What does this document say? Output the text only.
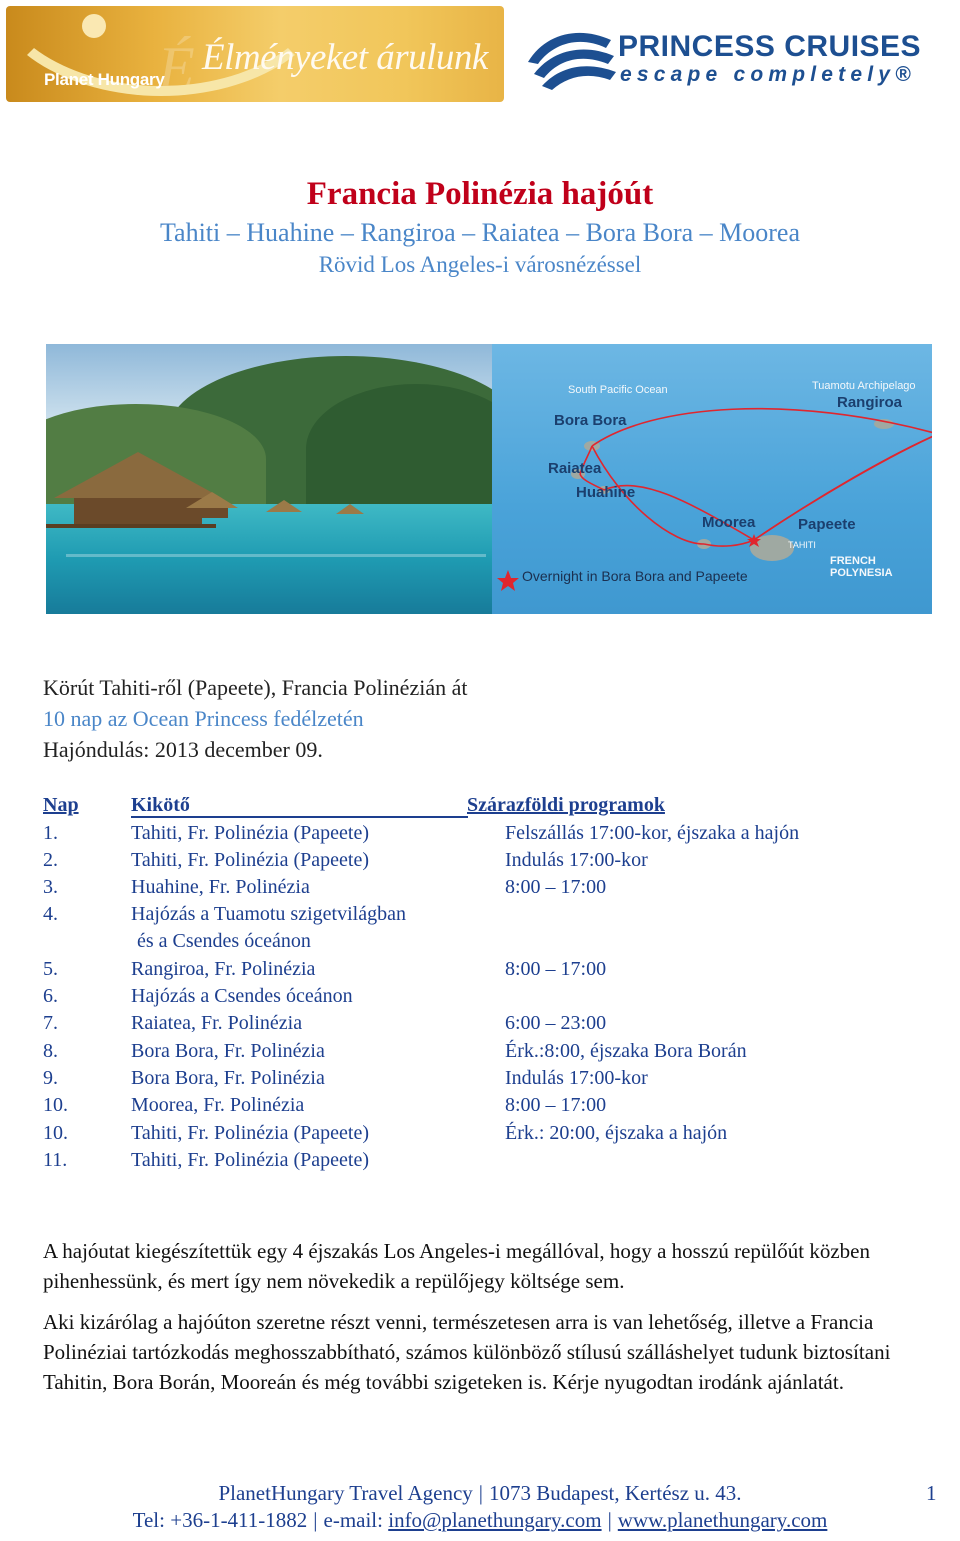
É
Planet Hungary
Élményeket árulunk	PRINCESS CRUISES
escape completely®
Francia Polinézia hajóút
Tahiti – Huahine – Rangiroa – Raiatea – Bora Bora – Moorea
Rövid Los Angeles-i városnézéssel
South Pacific Ocean	Tuamotu Archipelago
Rangiroa
Bora Bora
Raiatea
Huahine
Moorea	Papeete
TAHITI
FRENCH POLYNESIA
Overnight in Bora Bora and Papeete
Körút Tahiti-ről (Papeete), Francia Polinézián át
10 nap az Ocean Princess fedélzetén
Hajóndulás: 2013 december 09.
Nap	Kikötő	Szárazföldi programok
1.	Tahiti, Fr. Polinézia (Papeete)	Felszállás 17:00-kor, éjszaka a hajón
2.	Tahiti, Fr. Polinézia (Papeete)	Indulás 17:00-kor
3.	Huahine, Fr. Polinézia	8:00 – 17:00
4.	Hajózás a Tuamotu szigetvilágban
és a Csendes óceánon
5.	Rangiroa, Fr. Polinézia	8:00 – 17:00
6.	Hajózás a Csendes óceánon
7.	Raiatea, Fr. Polinézia	6:00 – 23:00
8.	Bora Bora, Fr. Polinézia	Érk.:8:00, éjszaka Bora Borán
9.	Bora Bora, Fr. Polinézia	Indulás 17:00-kor
10.	Moorea, Fr. Polinézia	8:00 – 17:00
10.	Tahiti, Fr. Polinézia (Papeete)	Érk.: 20:00, éjszaka a hajón
11.	Tahiti, Fr. Polinézia (Papeete)
A hajóutat kiegészítettük egy 4 éjszakás Los Angeles-i megállóval, hogy a hosszú repülőút közben pihenhessünk, és mert így nem növekedik a repülőjegy költsége sem.
Aki kizárólag a hajóúton szeretne részt venni, természetesen arra is van lehetőség, illetve a Francia Polinéziai tartózkodás meghosszabbítható, számos különböző stílusú szálláshelyet tudunk biztosítani Tahitin, Bora Borán, Mooreán és még további szigeteken is. Kérje nyugodtan irodánk ajánlatát.
PlanetHungary Travel Agency | 1073 Budapest, Kertész u. 43.	1
Tel: +36-1-411-1882 | e-mail: info@planethungary.com | www.planethungary.com
